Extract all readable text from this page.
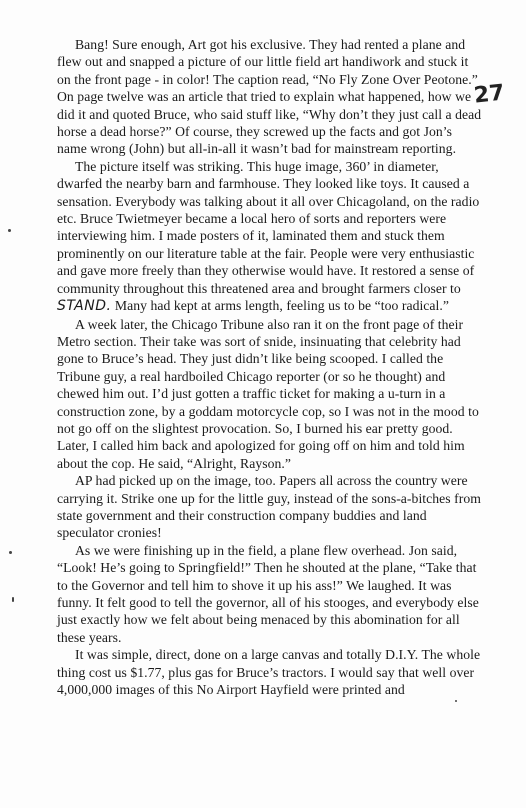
27

Bang! Sure enough, Art got his exclusive. They had rented a plane and flew out and snapped a picture of our little field art handiwork and stuck it on the front page - in color! The caption read, “No Fly Zone Over Peotone.” On page twelve was an article that tried to explain what happened, how we did it and quoted Bruce, who said stuff like, “Why don’t they just call a dead horse a dead horse?” Of course, they screwed up the facts and got Jon’s name wrong (John) but all-in-all it wasn’t bad for mainstream reporting.

The picture itself was striking. This huge image, 360’ in diameter, dwarfed the nearby barn and farmhouse. They looked like toys. It caused a sensation. Everybody was talking about it all over Chicagoland, on the radio etc. Bruce Twietmeyer became a local hero of sorts and reporters were interviewing him. I made posters of it, laminated them and stuck them prominently on our literature table at the fair. People were very enthusiastic and gave more freely than they otherwise would have. It restored a sense of community throughout this threatened area and brought farmers closer to STAND. Many had kept at arms length, feeling us to be “too radical.”

A week later, the Chicago Tribune also ran it on the front page of their Metro section. Their take was sort of snide, insinuating that celebrity had gone to Bruce’s head. They just didn’t like being scooped. I called the Tribune guy, a real hardboiled Chicago reporter (or so he thought) and chewed him out. I’d just gotten a traffic ticket for making a u-turn in a construction zone, by a goddam motorcycle cop, so I was not in the mood to not go off on the slightest provocation. So, I burned his ear pretty good. Later, I called him back and apologized for going off on him and told him about the cop. He said, “Alright, Rayson.”

AP had picked up on the image, too. Papers all across the country were carrying it. Strike one up for the little guy, instead of the sons-a-bitches from state government and their construction company buddies and land speculator cronies!

As we were finishing up in the field, a plane flew overhead. Jon said, “Look! He’s going to Springfield!” Then he shouted at the plane, “Take that to the Governor and tell him to shove it up his ass!” We laughed. It was funny. It felt good to tell the governor, all of his stooges, and everybody else just exactly how we felt about being menaced by this abomination for all these years.

It was simple, direct, done on a large canvas and totally D.I.Y. The whole thing cost us $1.77, plus gas for Bruce’s tractors. I would say that well over 4,000,000 images of this No Airport Hayfield were printed and
